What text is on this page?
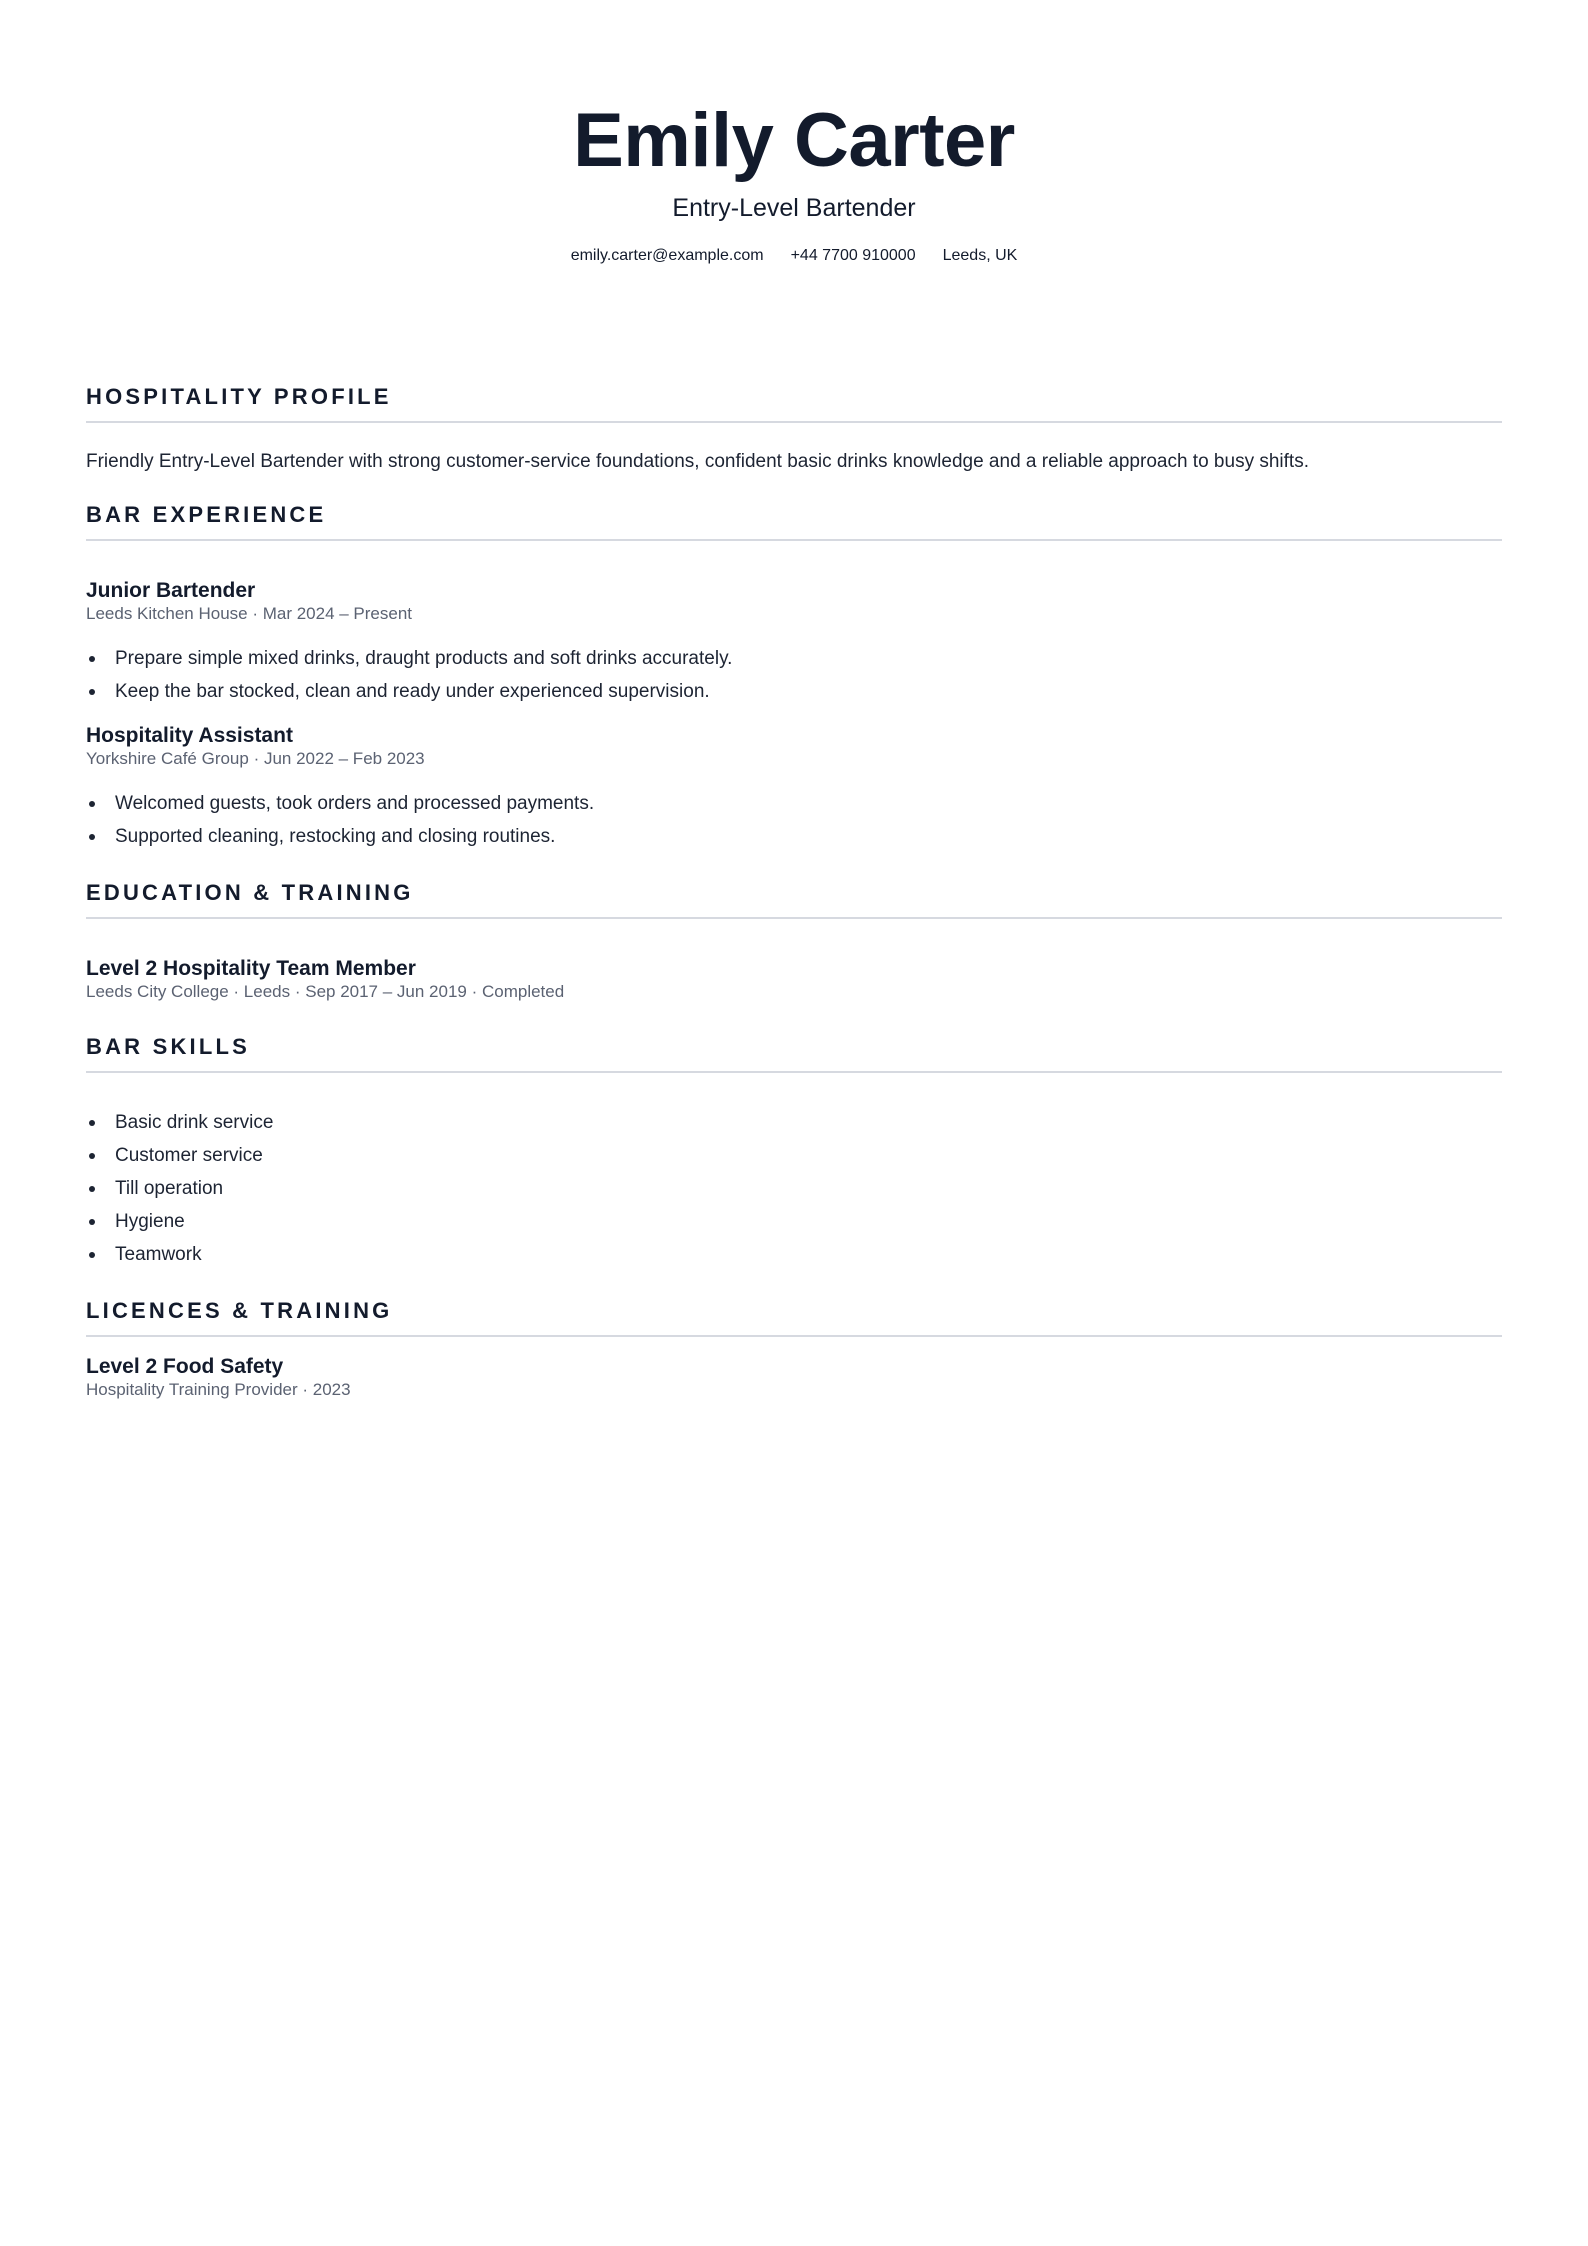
Emily Carter
Entry-Level Bartender
emily.carter@example.com +44 7700 910000 Leeds, UK
HOSPITALITY PROFILE
Friendly Entry-Level Bartender with strong customer-service foundations, confident basic drinks knowledge and a reliable approach to busy shifts.
BAR EXPERIENCE
Junior Bartender
Leeds Kitchen House · Mar 2024 – Present
Prepare simple mixed drinks, draught products and soft drinks accurately.
Keep the bar stocked, clean and ready under experienced supervision.
Hospitality Assistant
Yorkshire Café Group · Jun 2022 – Feb 2023
Welcomed guests, took orders and processed payments.
Supported cleaning, restocking and closing routines.
EDUCATION & TRAINING
Level 2 Hospitality Team Member
Leeds City College · Leeds · Sep 2017 – Jun 2019 · Completed
BAR SKILLS
Basic drink service
Customer service
Till operation
Hygiene
Teamwork
LICENCES & TRAINING
Level 2 Food Safety
Hospitality Training Provider · 2023
